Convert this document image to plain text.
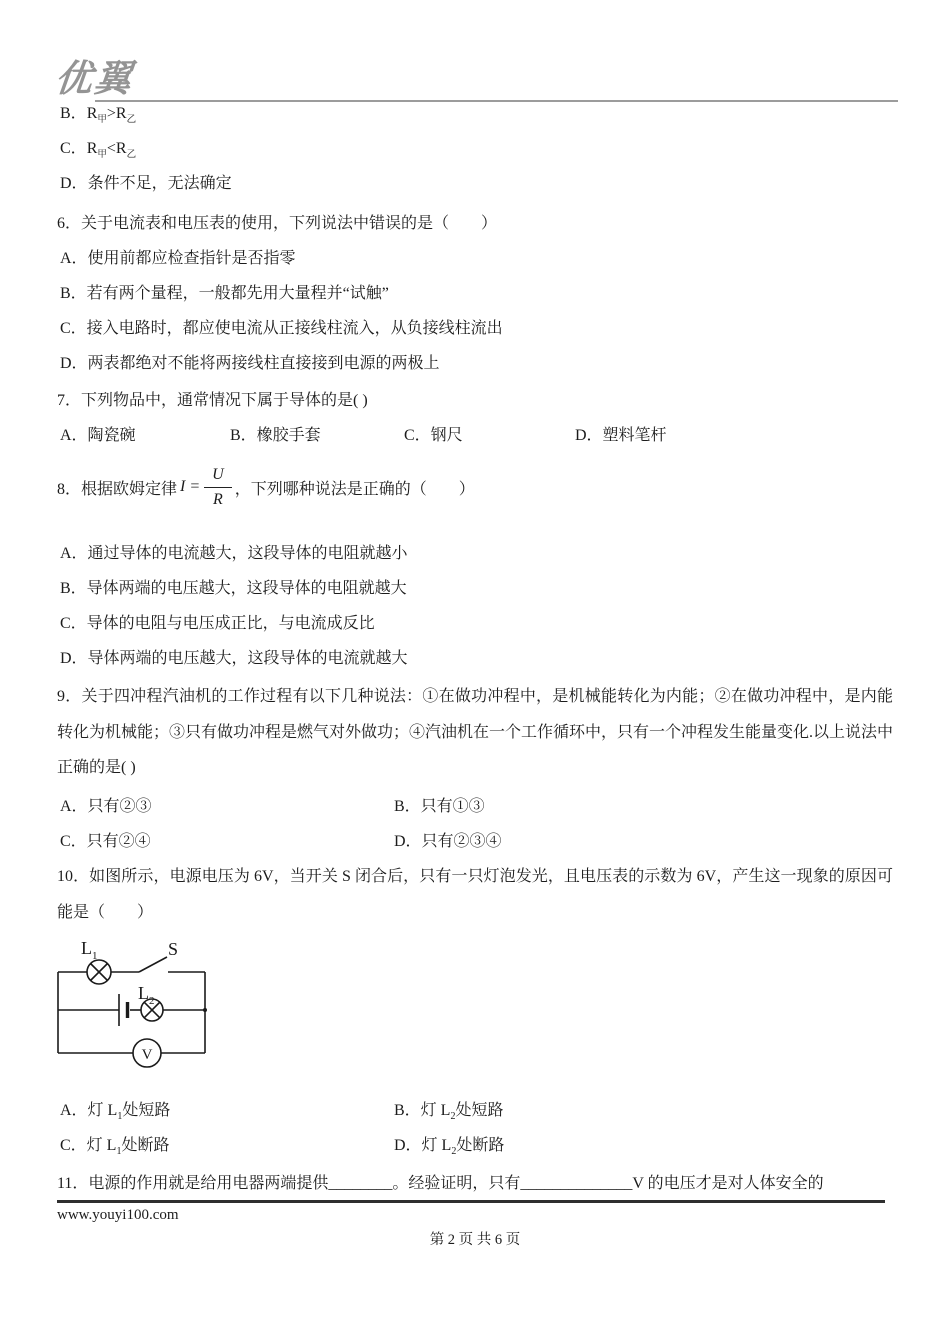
优翼
B．$R_甲>R_乙$
C．$R_甲<R_乙$
D．条件不足，无法确定
6．关于电流表和电压表的使用，下列说法中错误的是（　　）
A．使用前都应检查指针是否指零
B．若有两个量程，一般都先用大量程并“试触”
C．接入电路时，都应使电流从正接线柱流入，从负接线柱流出
D．两表都绝对不能将两接线柱直接接到电源的两极上
7．下列物品中，通常情况下属于导体的是( )
A．陶瓷碗	B．橡胶手套	C．钢尺	D．塑料笔杆
8．根据欧姆定律 $I = \frac{U}{R}$ ，下列哪种说法是正确的（　　）
A．通过导体的电流越大，这段导体的电阻就越小
B．导体两端的电压越大，这段导体的电阻就越大
C．导体的电阻与电压成正比，与电流成反比
D．导体两端的电压越大，这段导体的电流就越大
9．关于四冲程汽油机的工作过程有以下几种说法：①在做功冲程中，是机械能转化为内能；②在做功冲程中，是内能转化为机械能；③只有做功冲程是燃气对外做功；④汽油机在一个工作循环中，只有一个冲程发生能量变化.以上说法中正确的是( )
A．只有②③	B．只有①③
C．只有②④	D．只有②③④
10．如图所示，电源电压为 6V，当开关 S 闭合后，只有一只灯泡发光，且电压表的示数为 6V，产生这一现象的原因可能是（　　）
L 1	S
L 2
V
A．灯 $L_1$处短路	B．灯 $L_2$处短路
C．灯 $L_1$处断路	D．灯 $L_2$处断路
11．电源的作用就是给用电器两端提供________。经验证明，只有______________V 的电压才是对人体安全的
www.youyi100.com
第 2 页 共 6 页
